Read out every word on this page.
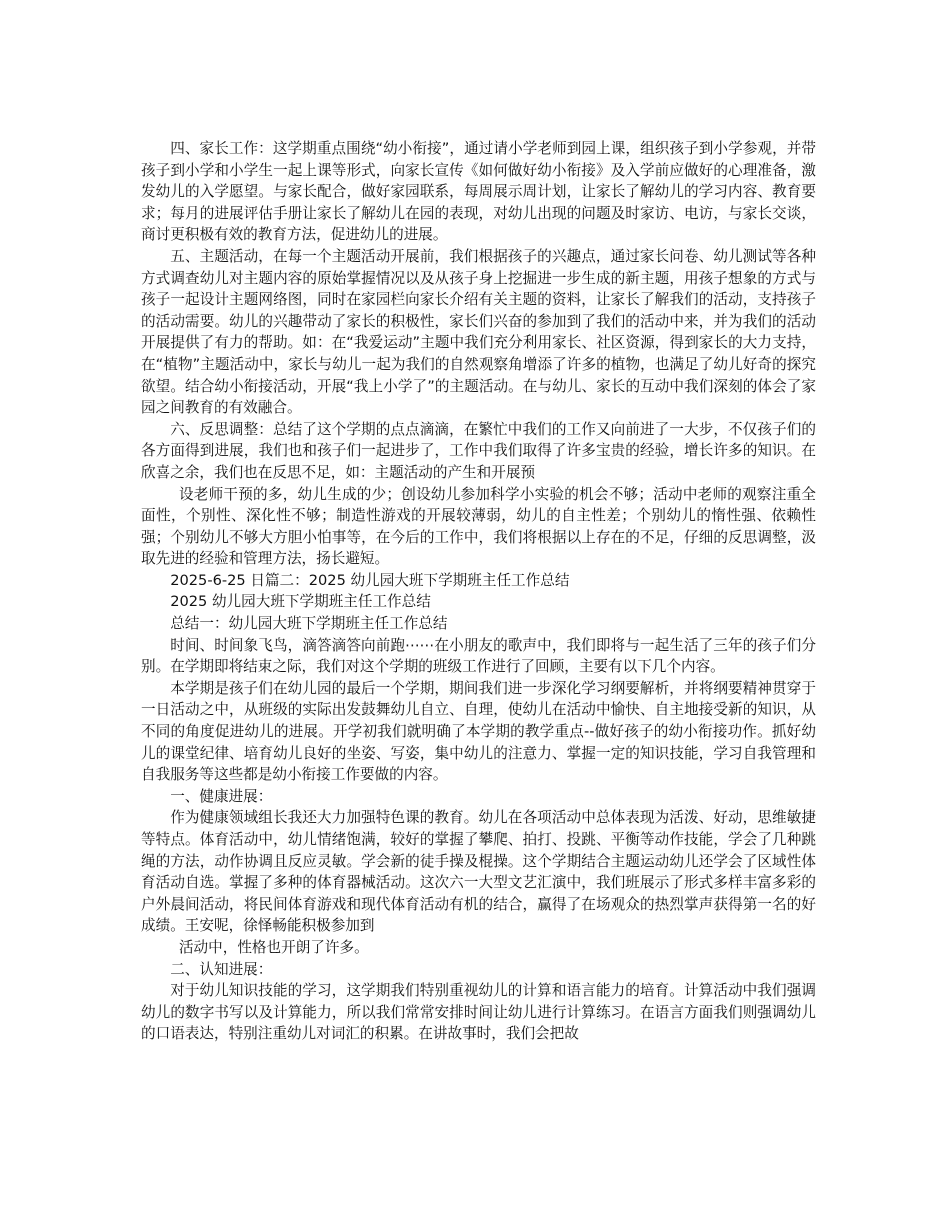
四、家长工作：这学期重点围绕“幼小衔接”，通过请小学老师到园上课，组织孩子到小学参观，并带孩子到小学和小学生一起上课等形式，向家长宣传《如何做好幼小衔接》及入学前应做好的心理准备，激发幼儿的入学愿望。与家长配合，做好家园联系，每周展示周计划，让家长了解幼儿的学习内容、教育要求；每月的进展评估手册让家长了解幼儿在园的表现，对幼儿出现的问题及时家访、电访，与家长交谈，商讨更积极有效的教育方法，促进幼儿的进展。

五、主题活动，在每一个主题活动开展前，我们根据孩子的兴趣点，通过家长问卷、幼儿测试等各种方式调查幼儿对主题内容的原始掌握情况以及从孩子身上挖掘进一步生成的新主题，用孩子想象的方式与孩子一起设计主题网络图，同时在家园栏向家长介绍有关主题的资料，让家长了解我们的活动，支持孩子的活动需要。幼儿的兴趣带动了家长的积极性，家长们兴奋的参加到了我们的活动中来，并为我们的活动开展提供了有力的帮助。如：在“我爱运动”主题中我们充分利用家长、社区资源，得到家长的大力支持，在“植物”主题活动中，家长与幼儿一起为我们的自然观察角增添了许多的植物，也满足了幼儿好奇的探究欲望。结合幼小衔接活动，开展“我上小学了”的主题活动。在与幼儿、家长的互动中我们深刻的体会了家园之间教育的有效融合。

六、反思调整：总结了这个学期的点点滴滴，在繁忙中我们的工作又向前进了一大步，不仅孩子们的各方面得到进展，我们也和孩子们一起进步了，工作中我们取得了许多宝贵的经验，增长许多的知识。在欣喜之余，我们也在反思不足，如：主题活动的产生和开展预

设老师干预的多，幼儿生成的少；创设幼儿参加科学小实验的机会不够；活动中老师的观察注重全面性，个别性、深化性不够；制造性游戏的开展较薄弱，幼儿的自主性差；个别幼儿的惰性强、依赖性强；个别幼儿不够大方胆小怕事等，在今后的工作中，我们将根据以上存在的不足，仔细的反思调整，汲取先进的经验和管理方法，扬长避短。

2025-6-25 日篇二：2025 幼儿园大班下学期班主任工作总结

2025 幼儿园大班下学期班主任工作总结

总结一：幼儿园大班下学期班主任工作总结

时间、时间象飞鸟，滴答滴答向前跑⋯⋯在小朋友的歌声中，我们即将与一起生活了三年的孩子们分别。在学期即将结束之际，我们对这个学期的班级工作进行了回顾，主要有以下几个内容。

本学期是孩子们在幼儿园的最后一个学期，期间我们进一步深化学习纲要解析，并将纲要精神贯穿于一日活动之中，从班级的实际出发鼓舞幼儿自立、自理，使幼儿在活动中愉快、自主地接受新的知识，从不同的角度促进幼儿的进展。开学初我们就明确了本学期的教学重点--做好孩子的幼小衔接功作。抓好幼儿的课堂纪律、培育幼儿良好的坐姿、写姿，集中幼儿的注意力、掌握一定的知识技能，学习自我管理和自我服务等这些都是幼小衔接工作要做的内容。

一、健康进展：

作为健康领域组长我还大力加强特色课的教育。幼儿在各项活动中总体表现为活泼、好动，思维敏捷等特点。体育活动中，幼儿情绪饱满，较好的掌握了攀爬、拍打、投跳、平衡等动作技能，学会了几种跳绳的方法，动作协调且反应灵敏。学会新的徒手操及棍操。这个学期结合主题运动幼儿还学会了区域性体育活动自选。掌握了多种的体育器械活动。这次六一大型文艺汇演中，我们班展示了形式多样丰富多彩的户外晨间活动，将民间体育游戏和现代体育活动有机的结合，赢得了在场观众的热烈掌声获得第一名的好成绩。王安呢，徐怿畅能积极参加到

活动中，性格也开朗了许多。

二、认知进展：

对于幼儿知识技能的学习，这学期我们特别重视幼儿的计算和语言能力的培育。计算活动中我们强调幼儿的数字书写以及计算能力，所以我们常常安排时间让幼儿进行计算练习。在语言方面我们则强调幼儿的口语表达，特别注重幼儿对词汇的积累。在讲故事时，我们会把故
